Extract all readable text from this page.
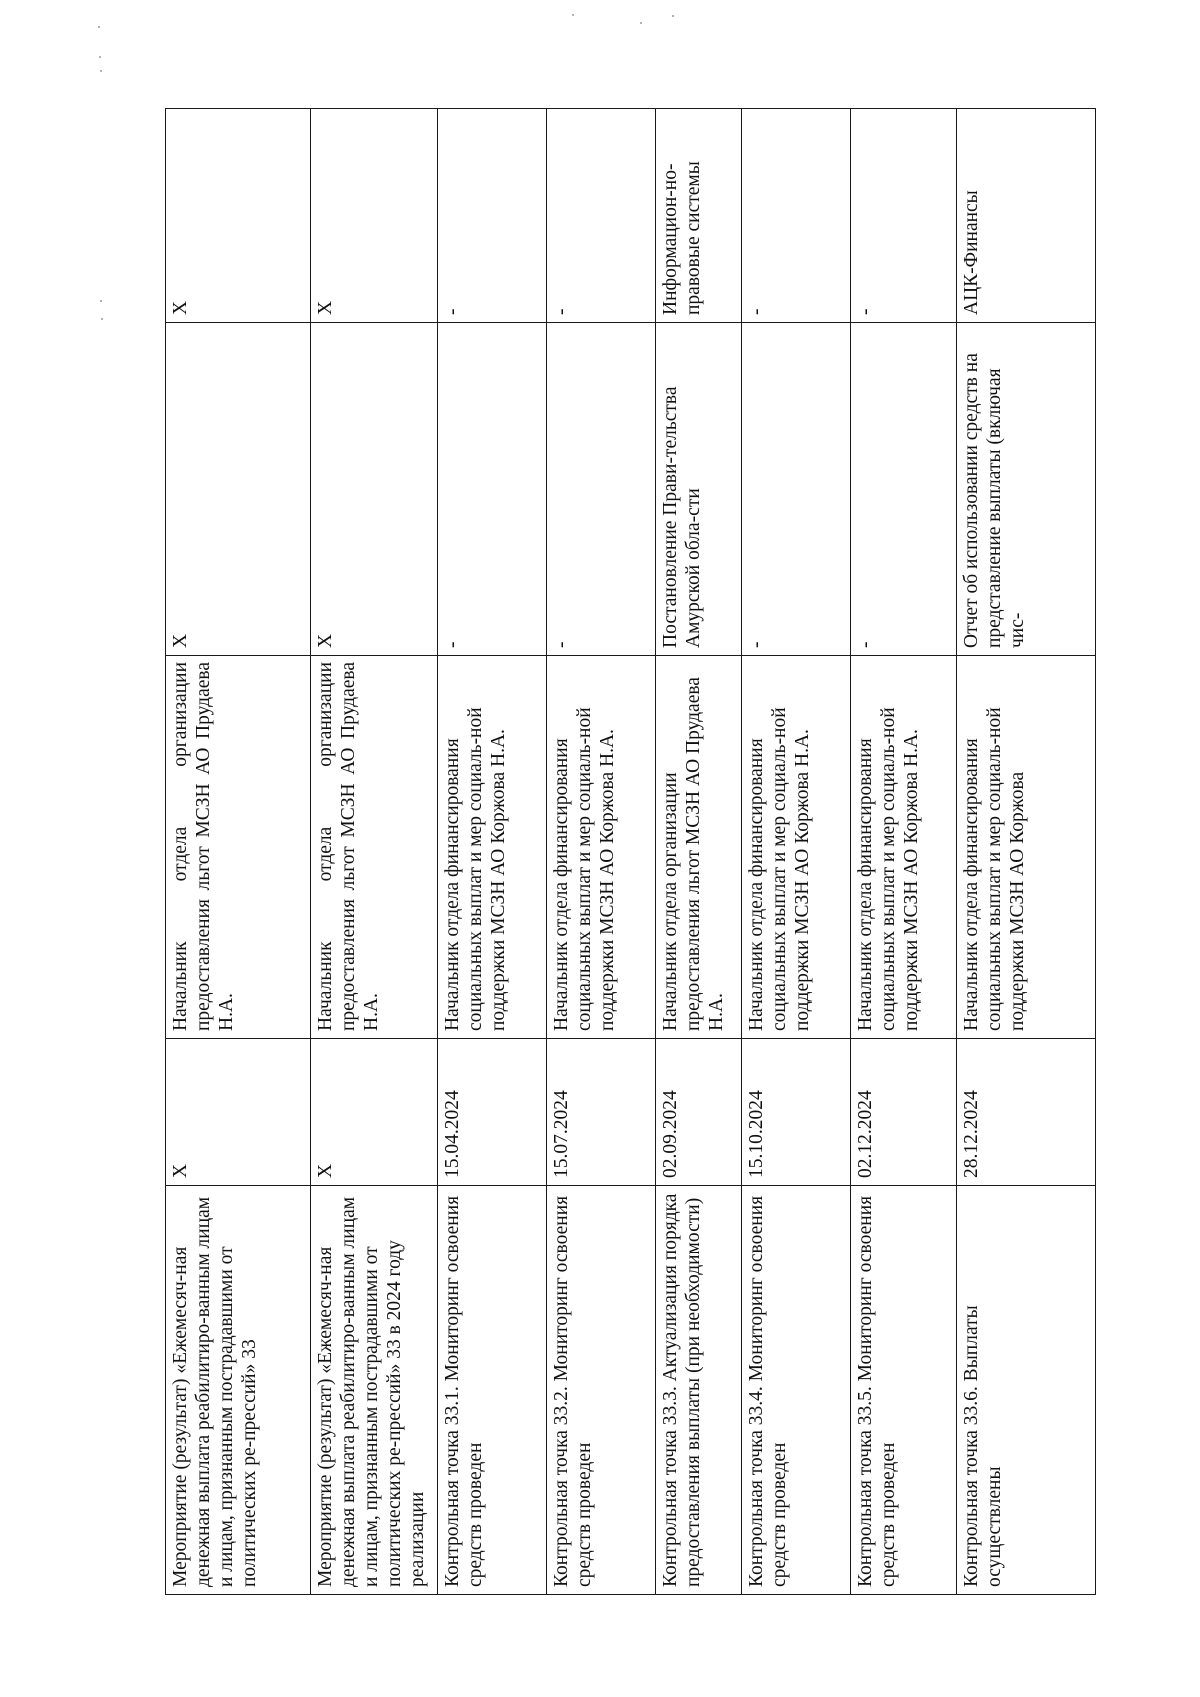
Мероприятие (результат) «Ежемесяч-ная денежная выплата реабилитиро-ванным лицам и лицам, признанным пострадавшими от политических ре-прессий» 33	X	Начальник отдела организации предоставления льгот МСЗН АО Прудаева Н.А.	X	X
Мероприятие (результат) «Ежемесяч-ная денежная выплата реабилитиро-ванным лицам и лицам, признанным пострадавшими от политических ре-прессий» 33 в 2024 году реализации	X	Начальник отдела организации предоставления льгот МСЗН АО Прудаева Н.А.	X	X
Контрольная точка 33.1. Мониторинг освоения средств проведен	15.04.2024	Начальник отдела финансирования социальных выплат и мер социаль-ной поддержки МСЗН АО Коржова Н.А.	-	-
Контрольная точка 33.2. Мониторинг освоения средств проведен	15.07.2024	Начальник отдела финансирования социальных выплат и мер социаль-ной поддержки МСЗН АО Коржова Н.А.	-	-
Контрольная точка 33.3. Актуализация порядка предоставления выплаты (при необходимости)	02.09.2024	Начальник отдела организации предоставления льгот МСЗН АО Прудаева Н.А.	Постановление Прави-тельства Амурской обла-сти	Информацион-но-правовые системы
Контрольная точка 33.4. Мониторинг освоения средств проведен	15.10.2024	Начальник отдела финансирования социальных выплат и мер социаль-ной поддержки МСЗН АО Коржова Н.А.	-	-
Контрольная точка 33.5. Мониторинг освоения средств проведен	02.12.2024	Начальник отдела финансирования социальных выплат и мер социаль-ной поддержки МСЗН АО Коржова Н.А.	-	-
Контрольная точка 33.6. Выплаты осуществлены	28.12.2024	Начальник отдела финансирования социальных выплат и мер социаль-ной поддержки МСЗН АО Коржова	Отчет об использовании средств на представление выплаты (включая чис-	АЦК-Финансы
